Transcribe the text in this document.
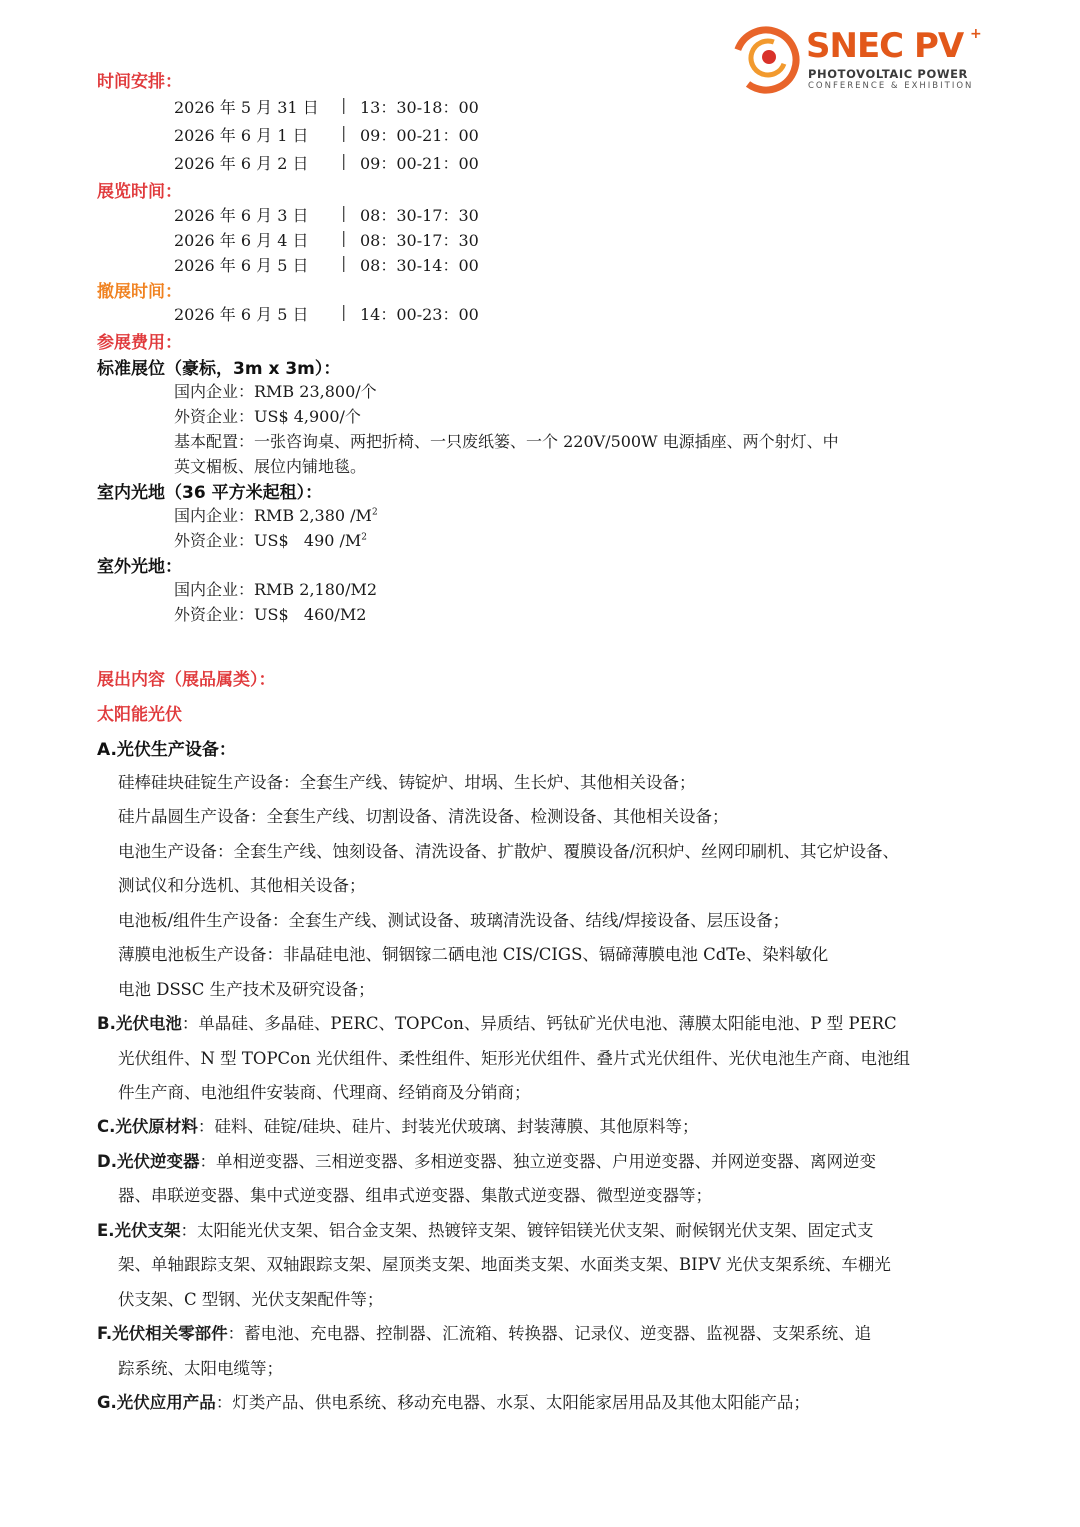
SNEC PV +
PHOTOVOLTAIC POWER
CONFERENCE & EXHIBITION
时间安排：
2026 年 5 月 31 日 | 13：30-18：00
2026 年 6 月 1 日 | 09：00-21：00
2026 年 6 月 2 日 | 09：00-21：00
展览时间：
2026 年 6 月 3 日 | 08：30-17：30
2026 年 6 月 4 日 | 08：30-17：30
2026 年 6 月 5 日 | 08：30-14：00
撤展时间：
2026 年 6 月 5 日 | 14：00-23：00
参展费用：
标准展位（豪标，3m x 3m）：
国内企业：RMB 23,800/个
外资企业：US$ 4,900/个
基本配置：一张咨询桌、两把折椅、一只废纸篓、一个 220V/500W 电源插座、两个射灯、中
英文楣板、展位内铺地毯。
室内光地（36 平方米起租）：
国内企业：RMB 2,380 $/M^2$
外资企业：US$   490 $/M^2$
室外光地：
国内企业：RMB 2,180/M2
外资企业：US$   460/M2
展出内容（展品属类）：
太阳能光伏
A.光伏生产设备：
硅棒硅块硅锭生产设备：全套生产线、铸锭炉、坩埚、生长炉、其他相关设备；
硅片晶圆生产设备：全套生产线、切割设备、清洗设备、检测设备、其他相关设备；
电池生产设备：全套生产线、蚀刻设备、清洗设备、扩散炉、覆膜设备/沉积炉、丝网印刷机、其它炉设备、
测试仪和分选机、其他相关设备；
电池板/组件生产设备：全套生产线、测试设备、玻璃清洗设备、结线/焊接设备、层压设备；
薄膜电池板生产设备：非晶硅电池、铜铟镓二硒电池 CIS/CIGS、镉碲薄膜电池 CdTe、染料敏化
电池 DSSC 生产技术及研究设备；
B.光伏电池：单晶硅、多晶硅、PERC、TOPCon、异质结、钙钛矿光伏电池、薄膜太阳能电池、P 型 PERC
光伏组件、N 型 TOPCon 光伏组件、柔性组件、矩形光伏组件、叠片式光伏组件、光伏电池生产商、电池组
件生产商、电池组件安装商、代理商、经销商及分销商；
C.光伏原材料：硅料、硅锭/硅块、硅片、封装光伏玻璃、封装薄膜、其他原料等；
D.光伏逆变器：单相逆变器、三相逆变器、多相逆变器、独立逆变器、户用逆变器、并网逆变器、离网逆变
器、串联逆变器、集中式逆变器、组串式逆变器、集散式逆变器、微型逆变器等；
E.光伏支架：太阳能光伏支架、铝合金支架、热镀锌支架、镀锌铝镁光伏支架、耐候钢光伏支架、固定式支
架、单轴跟踪支架、双轴跟踪支架、屋顶类支架、地面类支架、水面类支架、BIPV 光伏支架系统、车棚光
伏支架、C 型钢、光伏支架配件等；
F.光伏相关零部件：蓄电池、充电器、控制器、汇流箱、转换器、记录仪、逆变器、监视器、支架系统、追
踪系统、太阳电缆等；
G.光伏应用产品：灯类产品、供电系统、移动充电器、水泵、太阳能家居用品及其他太阳能产品；
